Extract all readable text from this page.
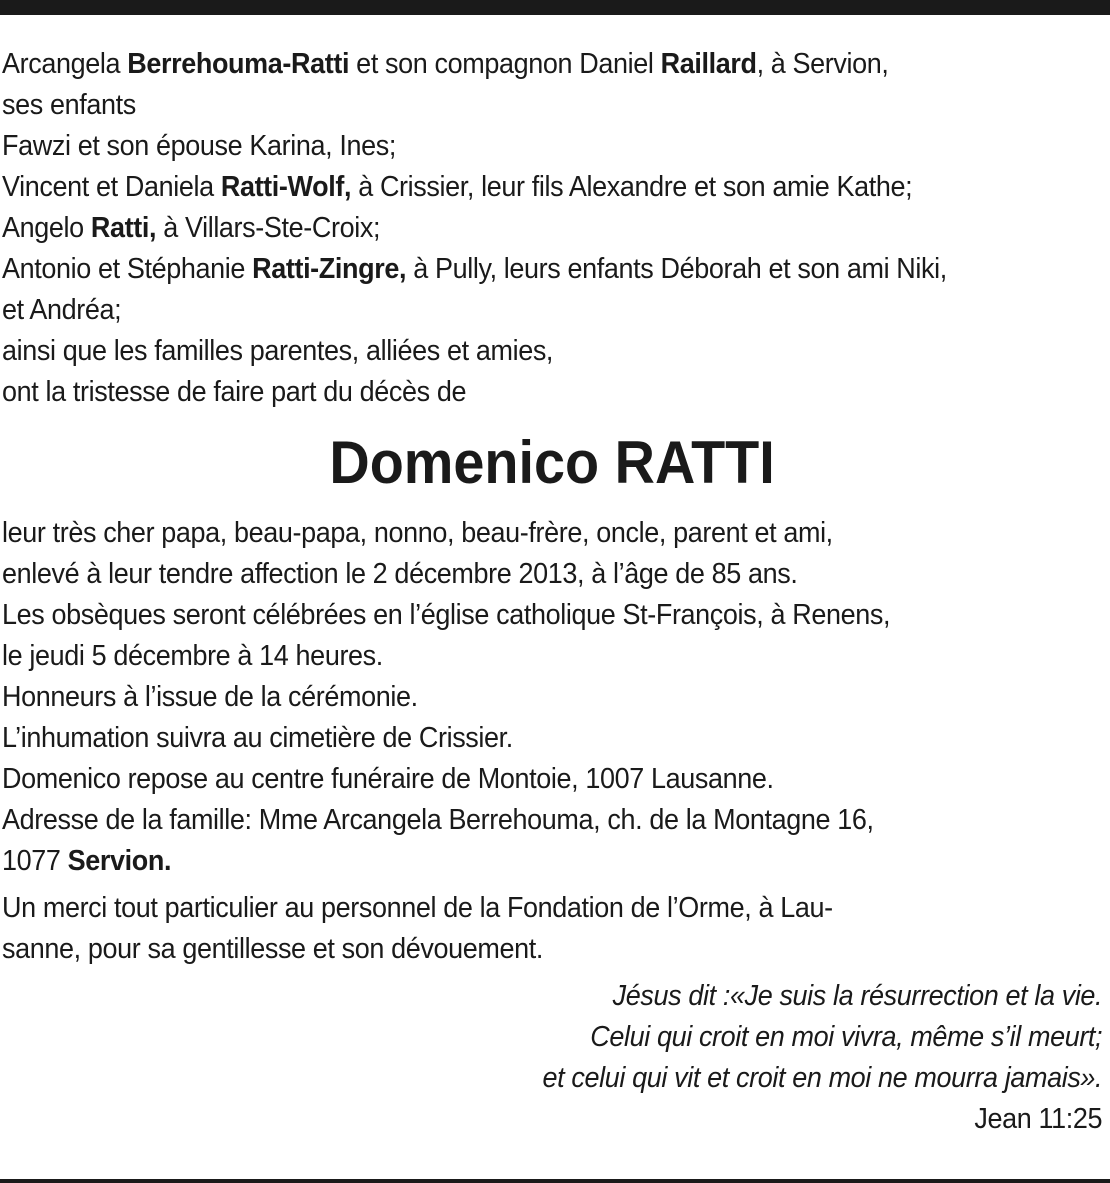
Arcangela Berrehouma-Ratti et son compagnon Daniel Raillard, à Servion,

ses enfants

Fawzi et son épouse Karina, Ines;

Vincent et Daniela Ratti-Wolf, à Crissier, leur fils Alexandre et son amie Kathe;

Angelo Ratti, à Villars-Ste-Croix;

Antonio et Stéphanie Ratti-Zingre, à Pully, leurs enfants Déborah et son ami Niki,

et Andréa;

ainsi que les familles parentes, alliées et amies,

ont la tristesse de faire part du décès de

Domenico RATTI

leur très cher papa, beau-papa, nonno, beau-frère, oncle, parent et ami,

enlevé à leur tendre affection le 2 décembre 2013, à l’âge de 85 ans.

Les obsèques seront célébrées en l’église catholique St-François, à Renens,

le jeudi 5 décembre à 14 heures.

Honneurs à l’issue de la cérémonie.

L’inhumation suivra au cimetière de Crissier.

Domenico repose au centre funéraire de Montoie, 1007 Lausanne.

Adresse de la famille: Mme Arcangela Berrehouma, ch. de la Montagne 16,

1077 Servion.

Un merci tout particulier au personnel de la Fondation de l’Orme, à Lau-

sanne, pour sa gentillesse et son dévouement.

Jésus dit :«Je suis la résurrection et la vie.

Celui qui croit en moi vivra, même s’il meurt;

et celui qui vit et croit en moi ne mourra jamais».

Jean 11:25
